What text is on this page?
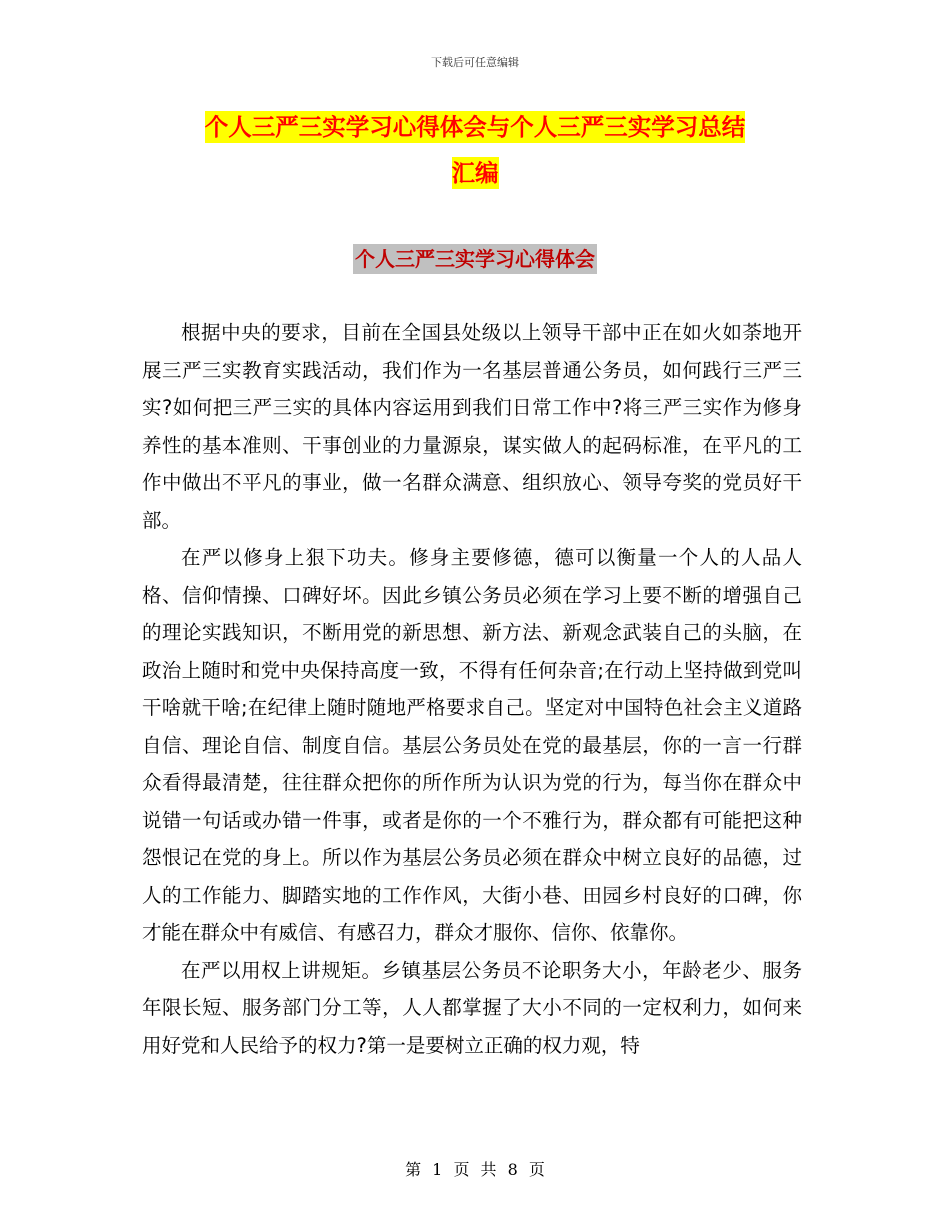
下载后可任意编辑
个人三严三实学习心得体会与个人三严三实学习总结
汇编
个人三严三实学习心得体会

根据中央的要求，目前在全国县处级以上领导干部中正在如火如荼地开展三严三实教育实践活动，我们作为一名基层普通公务员，如何践行三严三实?如何把三严三实的具体内容运用到我们日常工作中?将三严三实作为修身养性的基本准则、干事创业的力量源泉，谋实做人的起码标准，在平凡的工作中做出不平凡的事业，做一名群众满意、组织放心、领导夸奖的党员好干部。

在严以修身上狠下功夫。修身主要修德，德可以衡量一个人的人品人格、信仰情操、口碑好坏。因此乡镇公务员必须在学习上要不断的增强自己的理论实践知识，不断用党的新思想、新方法、新观念武装自己的头脑，在政治上随时和党中央保持高度一致，不得有任何杂音;在行动上坚持做到党叫干啥就干啥;在纪律上随时随地严格要求自己。坚定对中国特色社会主义道路自信、理论自信、制度自信。基层公务员处在党的最基层，你的一言一行群众看得最清楚，往往群众把你的所作所为认识为党的行为，每当你在群众中说错一句话或办错一件事，或者是你的一个不雅行为，群众都有可能把这种怨恨记在党的身上。所以作为基层公务员必须在群众中树立良好的品德，过人的工作能力、脚踏实地的工作作风，大街小巷、田园乡村良好的口碑，你才能在群众中有威信、有感召力，群众才服你、信你、依靠你。

在严以用权上讲规矩。乡镇基层公务员不论职务大小，年龄老少、服务年限长短、服务部门分工等，人人都掌握了大小不同的一定权利力，如何来用好党和人民给予的权力?第一是要树立正确的权力观，特

第 1 页 共 8 页
